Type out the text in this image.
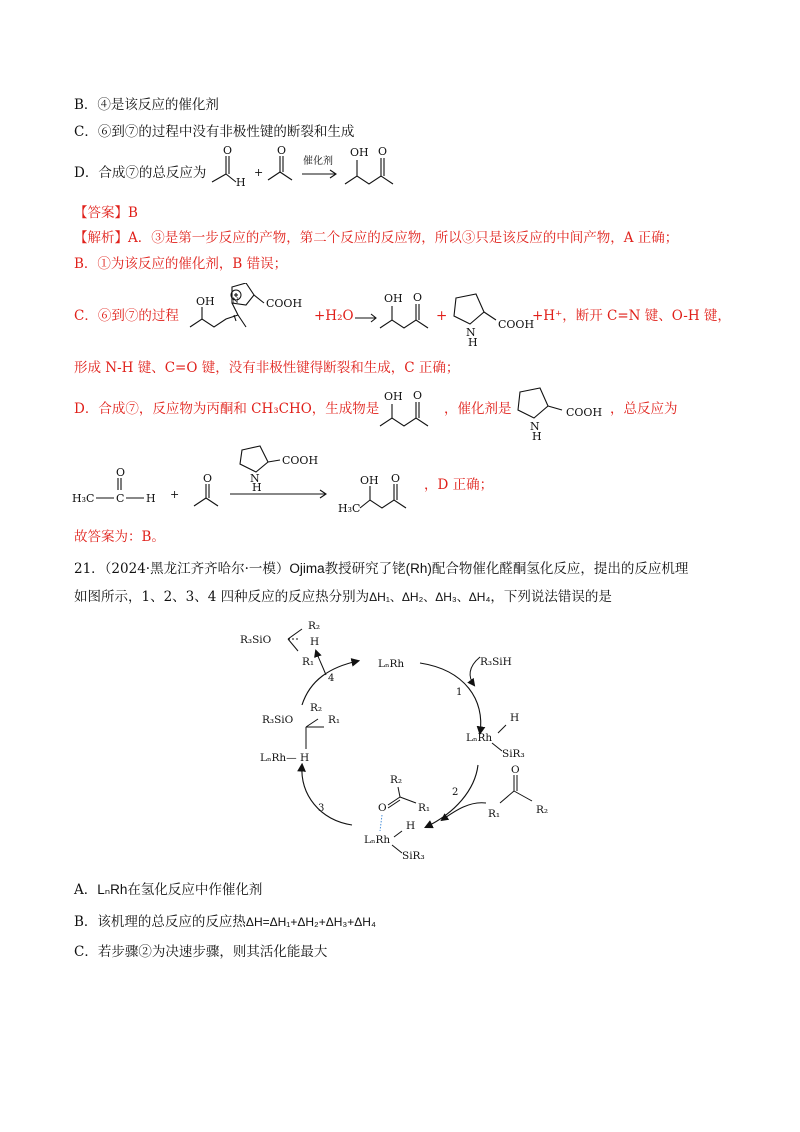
B．④是该反应的催化剂
C．⑥到⑦的过程中没有非极性键的断裂和生成
D．合成⑦的总反应为
O
H
+
O
催化剂
OH O
【答案】B
【解析】A．③是第一步反应的产物，第二个反应的反应物，所以③只是该反应的中间产物，A 正确；
B．①为该反应的催化剂，B 错误；
C．⑥到⑦的过程
COOH
OH N
+H₂O
OH O
+
COOH
N
H
+H⁺，断开 C=N 键、O-H 键，
形成 N-H 键、C=O 键，没有非极性键得断裂和生成，C 正确；
D．合成⑦，反应物为丙酮和 CH₃CHO，生成物是
OH O
，催化剂是	COOH
N
H
，总反应为
H₃C C H
O
+
O
COOH
N
H
H₃C
OH O ，D 正确；
故答案为：B。
21．（2024·黑龙江齐齐哈尔·一模）Ojima教授研究了铑(Rh)配合物催化醛酮氢化反应，提出的反应机理
如图所示，1、2、3、4 四种反应的反应热分别为ΔH₁、ΔH₂、ΔH₃、ΔH₄，下列说法错误的是
R₃SiO
R₂
H
R₁	LₙRh	R₃SiH
1
4
H
LₙRh
SiR₃
R₃SiO
R₂
R₁
LₙRh— H
3
2
O
R₁	R₂
R₂
R₁
O
LₙRh
H
SiR₃
A．LₙRh在氢化反应中作催化剂
B．该机理的总反应的反应热ΔH=ΔH₁+ΔH₂+ΔH₃+ΔH₄
C．若步骤②为决速步骤，则其活化能最大
